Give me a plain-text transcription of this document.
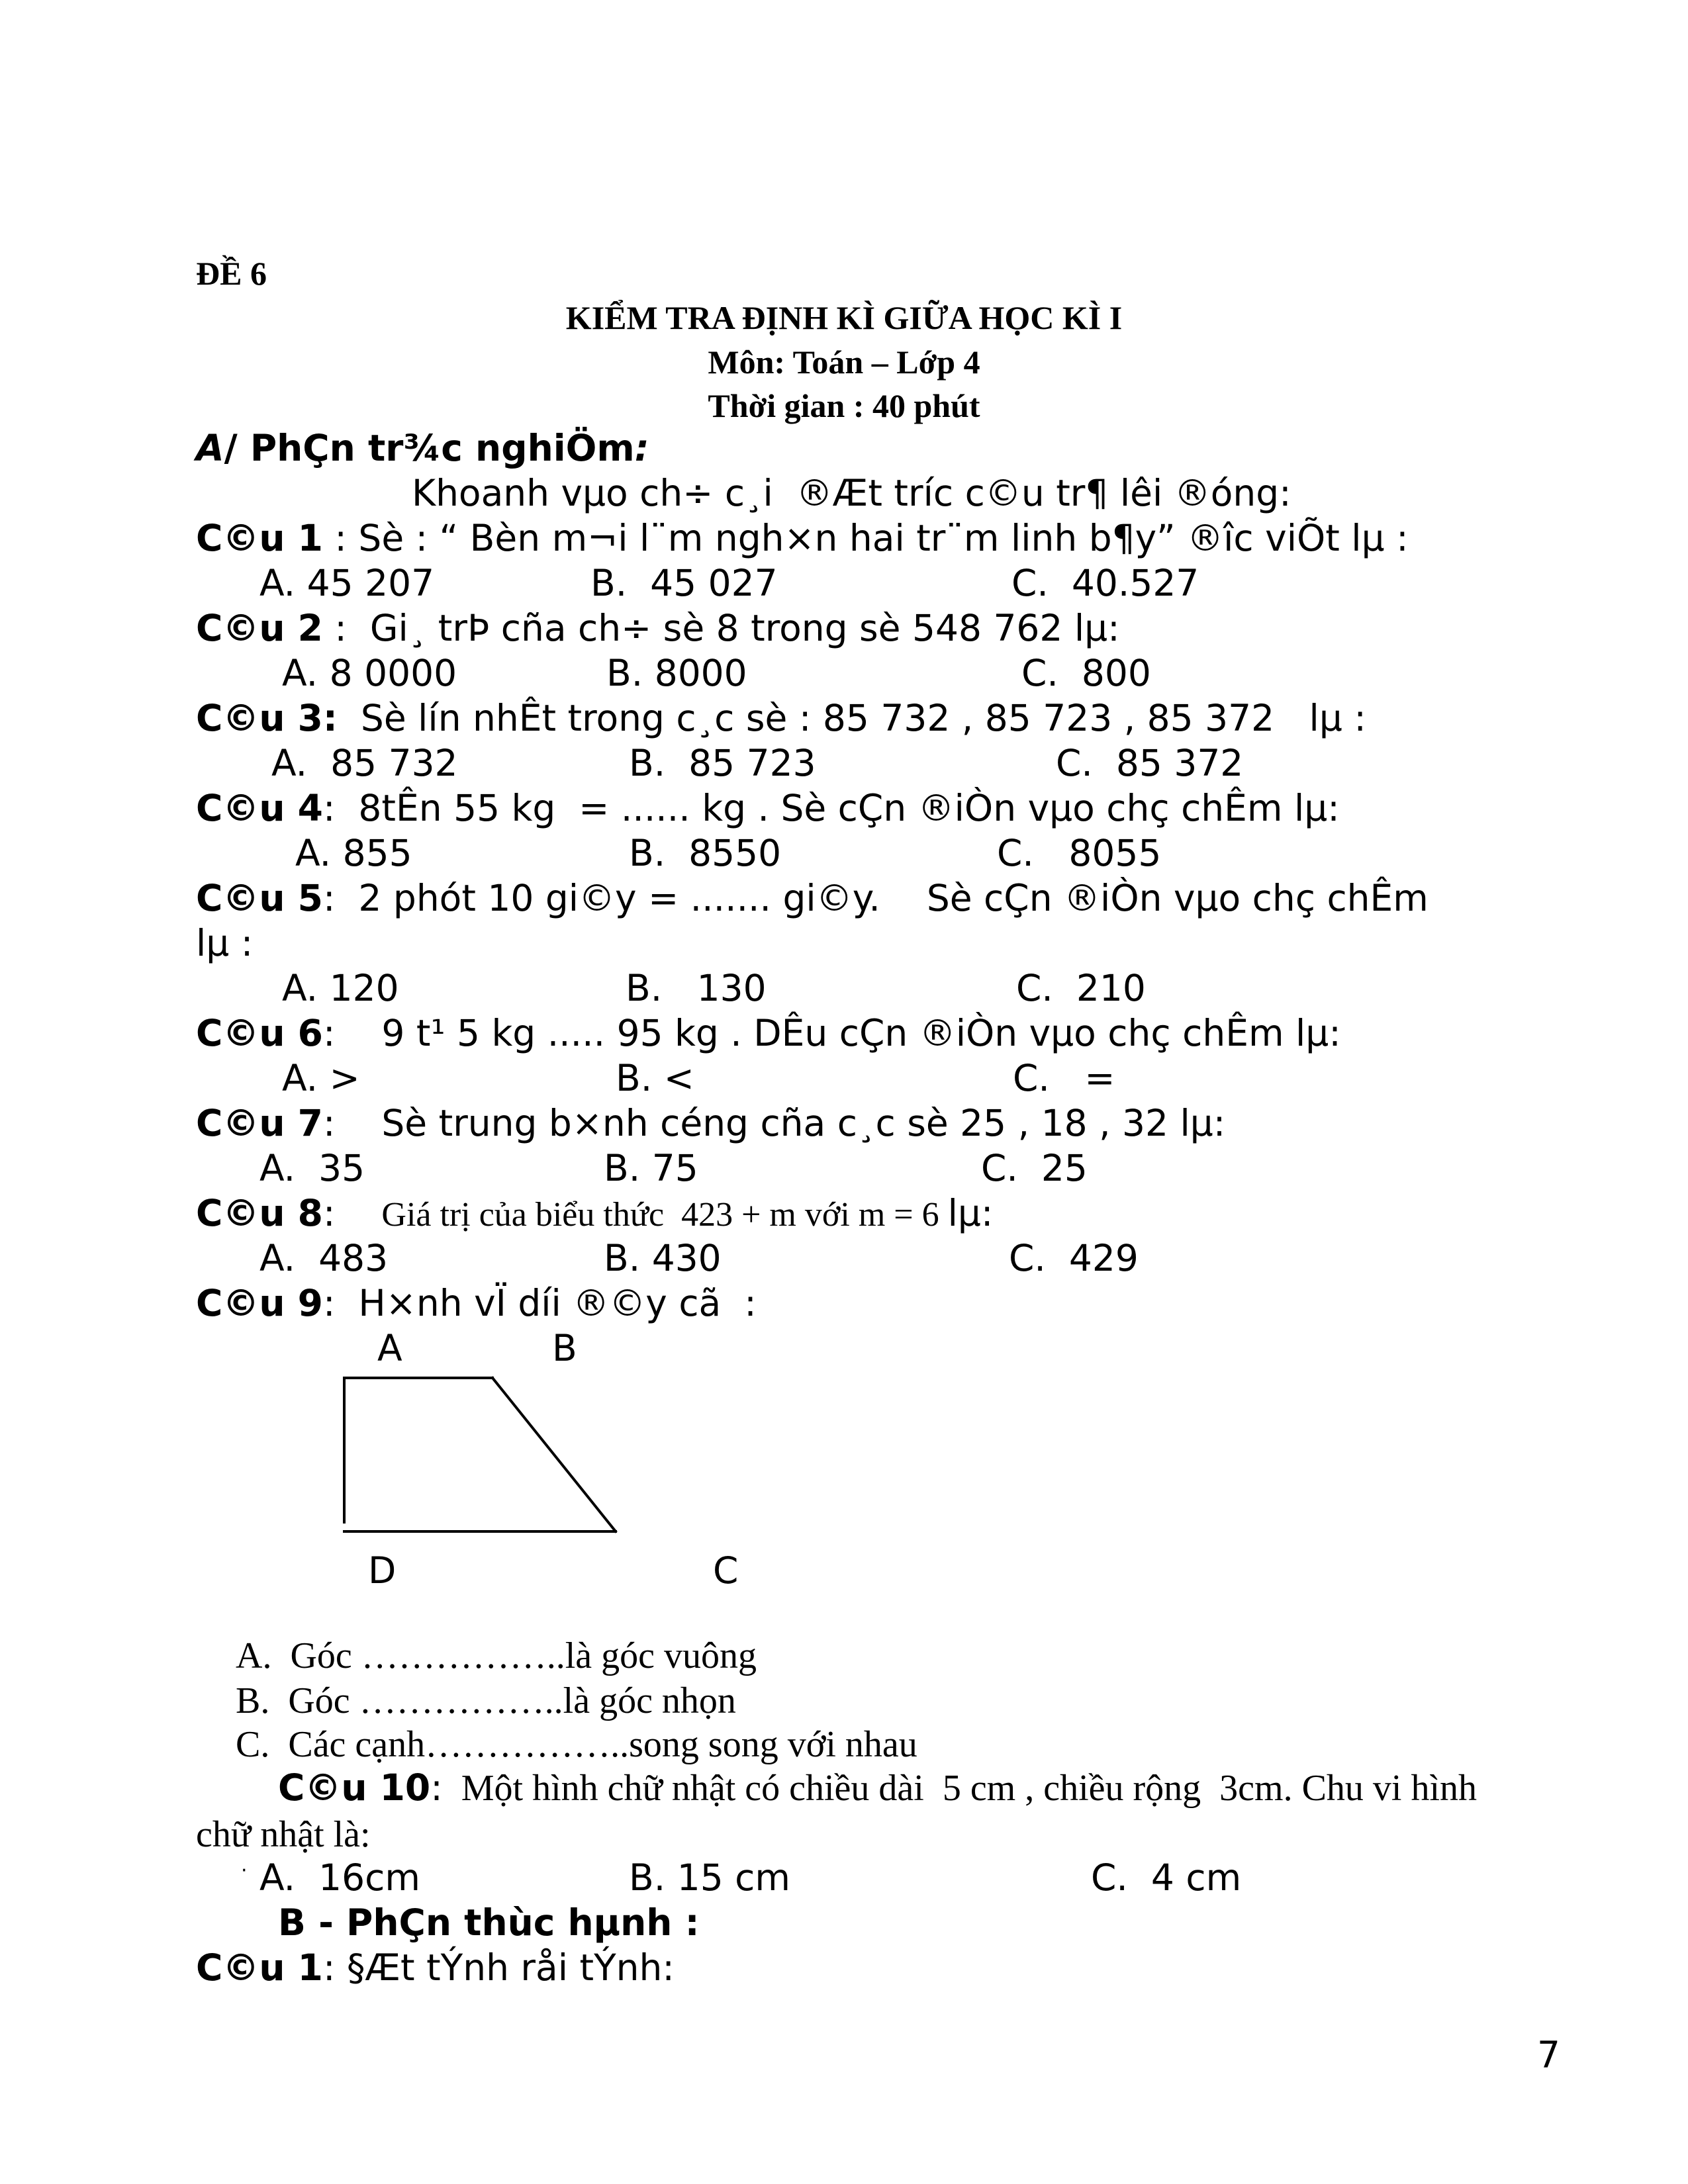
ĐỀ 6
KIỂM TRA ĐỊNH KÌ GIỮA HỌC KÌ I
Môn: Toán – Lớp 4
Thời gian : 40 phút
A/ PhÇn tr¾c nghiÖm:
Khoanh vµo ch÷ c¸i  ®Æt tríc c©u tr¶ lêi ®óng:
C©u 1 : Sè : “ Bèn m¬i l¨m ngh×n hai tr¨m linh b¶y” ®îc viÕt lµ :
A. 45 207	B.  45 027	C.  40.527
C©u 2 :  Gi¸ trÞ cña ch÷ sè 8 trong sè 548 762 lµ:
A. 8 0000	B. 8000	C.  800
C©u 3:  Sè lín nhÊt trong c¸c sè : 85 732 , 85 723 , 85 372   lµ :
A.  85 732	B.  85 723	C.  85 372
C©u 4:  8tÊn 55 kg  = ...... kg . Sè cÇn ®iÒn vµo chç chÊm lµ:
A. 855	B.  8550	C.   8055
C©u 5:  2 phót 10 gi©y = ....... gi©y.    Sè cÇn ®iÒn vµo chç chÊm
lµ :
A. 120	B.   130	C.  210
C©u 6:    9 t¹ 5 kg ..... 95 kg . DÊu cÇn ®iÒn vµo chç chÊm lµ:
A. >	B. <	C.   =
C©u 7:    Sè trung b×nh céng cña c¸c sè 25 , 18 , 32 lµ:
A.  35	B. 75	C.  25
C©u 8: Giá trị của biểu thức  423 + m với m = 6 lµ:
A.  483	B. 430	C.  429
C©u 9:  H×nh vÏ díi ®©y cã  :
A	B
D	C
A.  Góc ……………..là góc vuông
B.  Góc ……………..là góc nhọn
C.  Các cạnh……………..song song với nhau
C©u 10: Một hình chữ nhật có chiều dài  5 cm , chiều rộng  3cm. Chu vi hình
chữ nhật là:
· A.  16cm	B. 15 cm	C.  4 cm
B - PhÇn thùc hµnh :
C©u 1: §Æt tÝnh råi tÝnh:
7
